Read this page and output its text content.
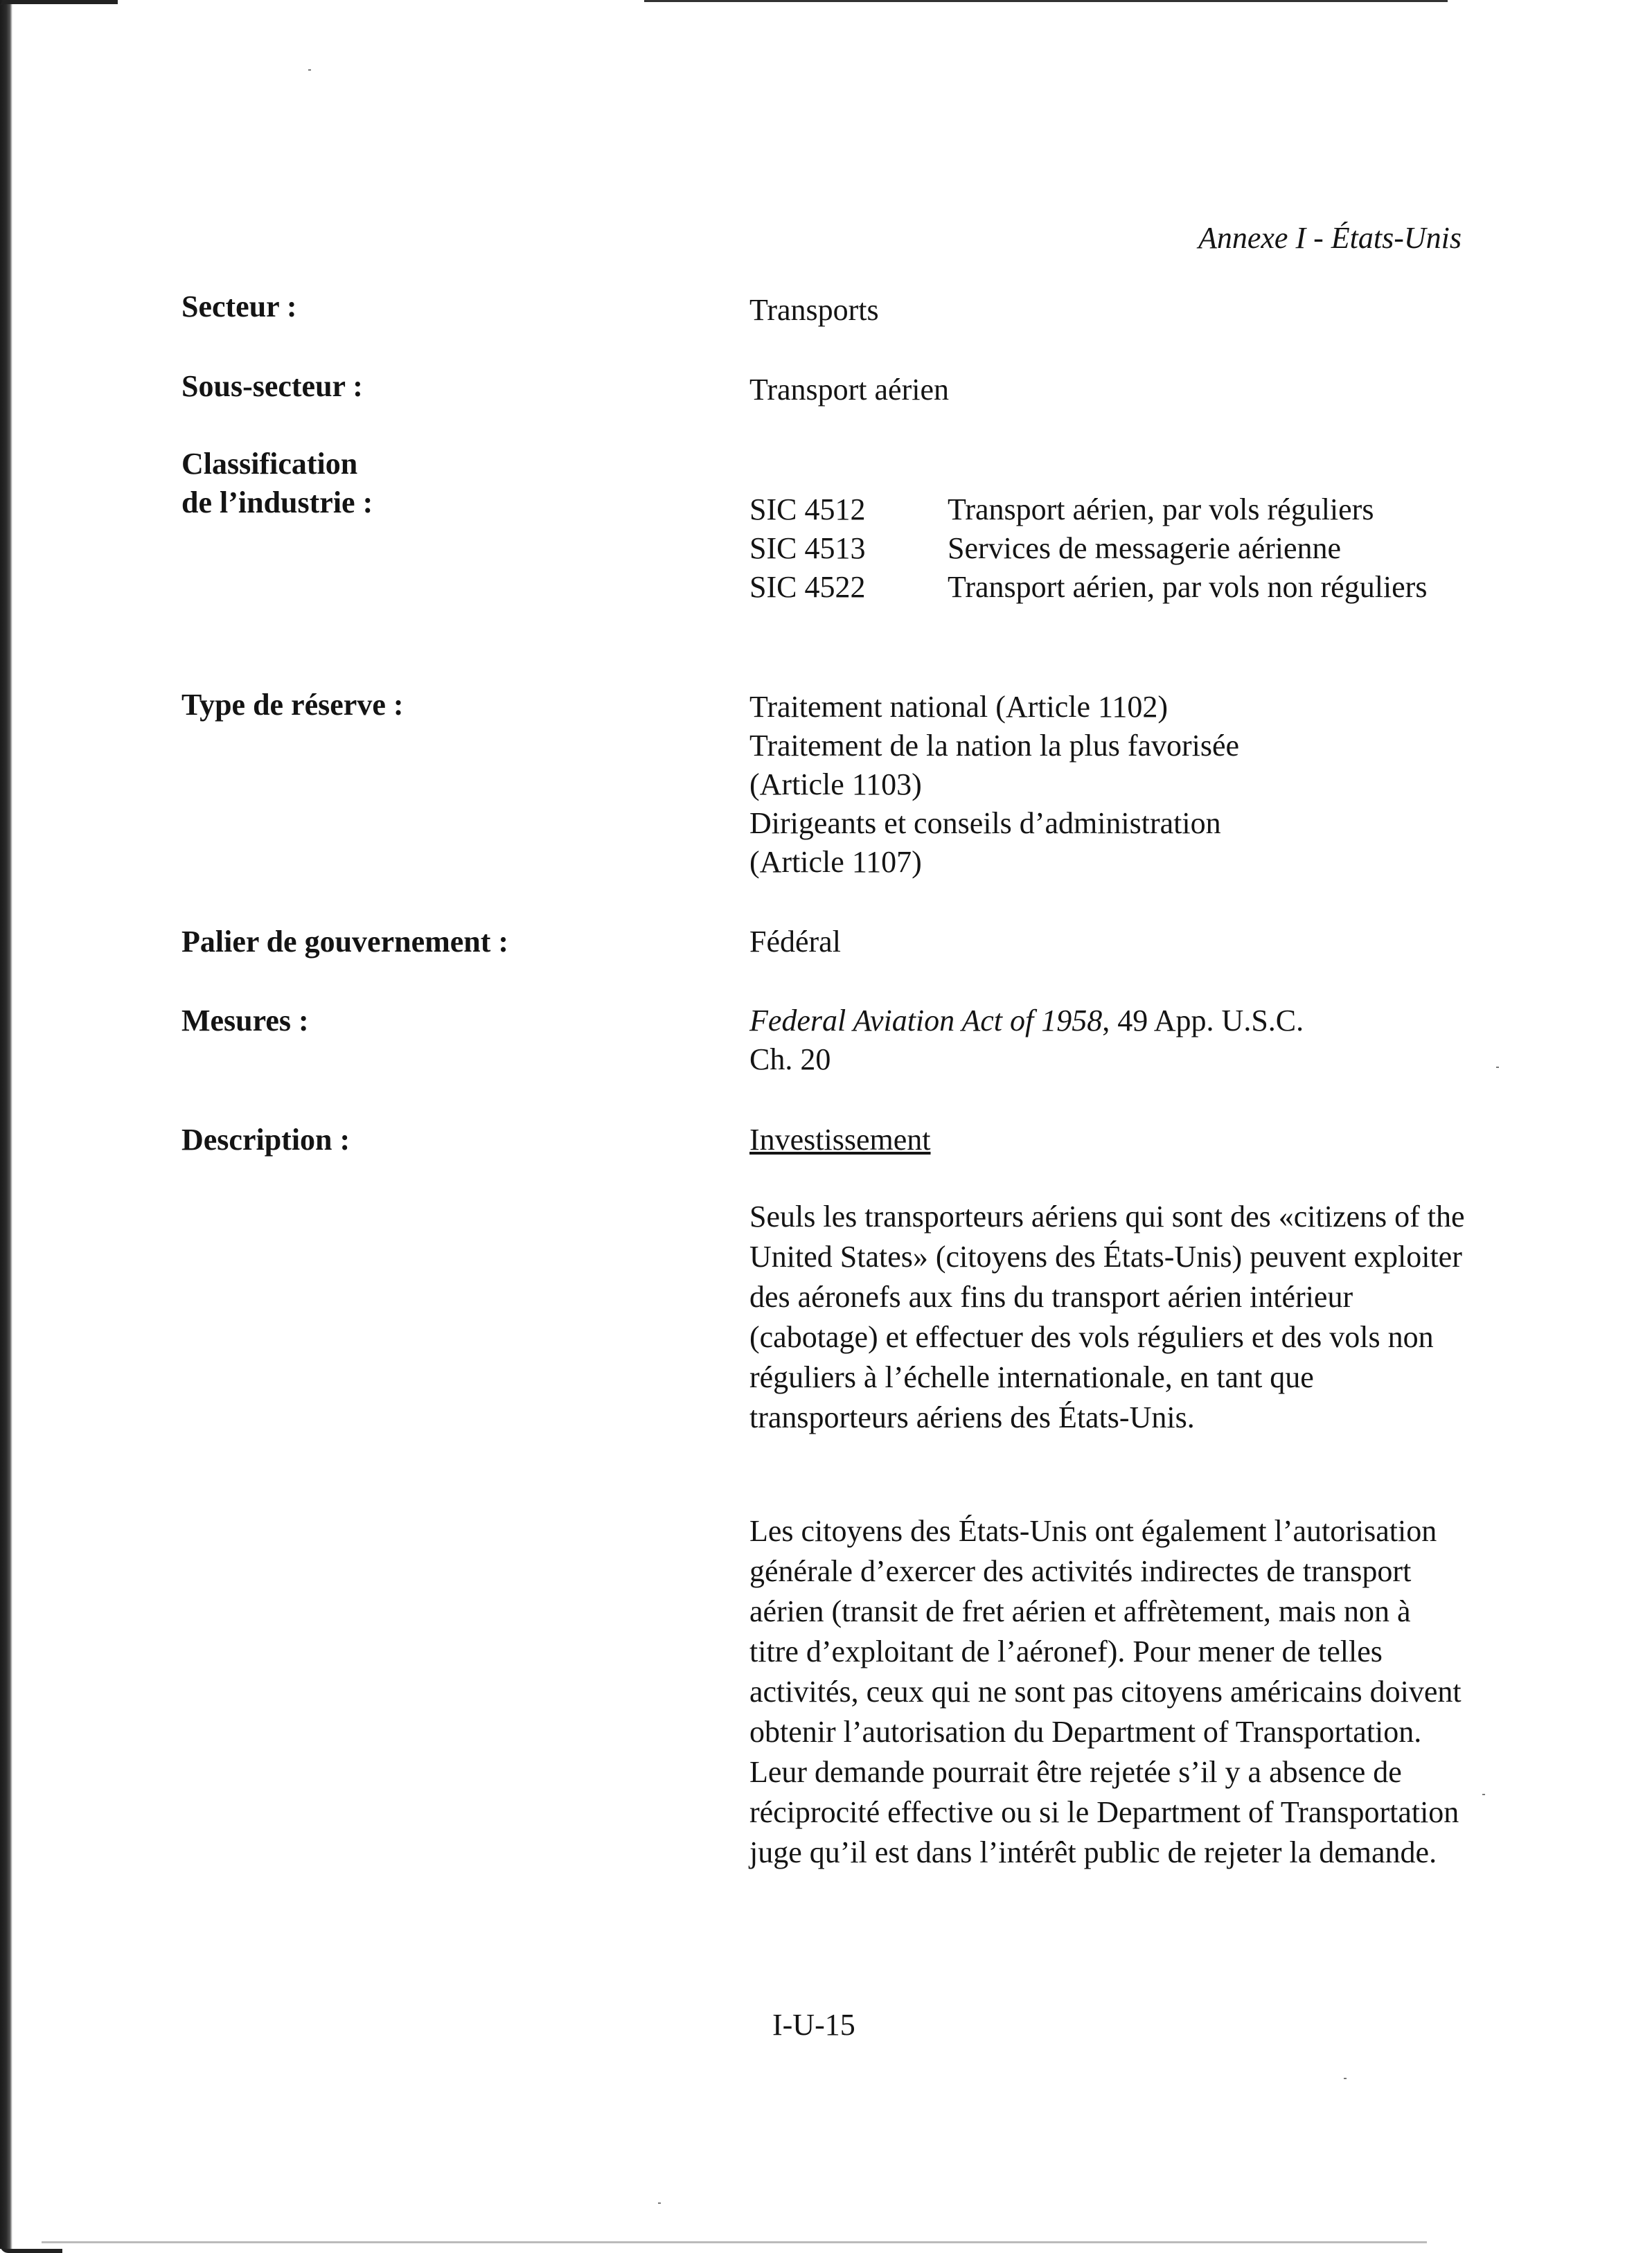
Annexe I - États-Unis
Secteur :	Transports
Sous-secteur :	Transport aérien
Classification
de l’industrie :	SIC 4512	Transport aérien, par vols réguliers
SIC 4513	Services de messagerie aérienne
SIC 4522	Transport aérien, par vols non réguliers
Type de réserve :	Traitement national (Article 1102)
Traitement de la nation la plus favorisée
(Article 1103)
Dirigeants et conseils d’administration
(Article 1107)
Palier de gouvernement :	Fédéral
Mesures :	Federal Aviation Act of 1958, 49 App. U.S.C.
Ch. 20
Description :	Investissement

Seuls les transporteurs aériens qui sont des «citizens of the United States» (citoyens des États-Unis) peuvent exploiter des aéronefs aux fins du transport aérien intérieur (cabotage) et effectuer des vols réguliers et des vols non réguliers à l’échelle internationale, en tant que transporteurs aériens des États-Unis.

Les citoyens des États-Unis ont également l’autorisation générale d’exercer des activités indirectes de transport aérien (transit de fret aérien et affrètement, mais non à titre d’exploitant de l’aéronef). Pour mener de telles activités, ceux qui ne sont pas citoyens américains doivent obtenir l’autorisation du Department of Transportation. Leur demande pourrait être rejetée s’il y a absence de réciprocité effective ou si le Department of Transportation juge qu’il est dans l’intérêt public de rejeter la demande.

I-U-15
